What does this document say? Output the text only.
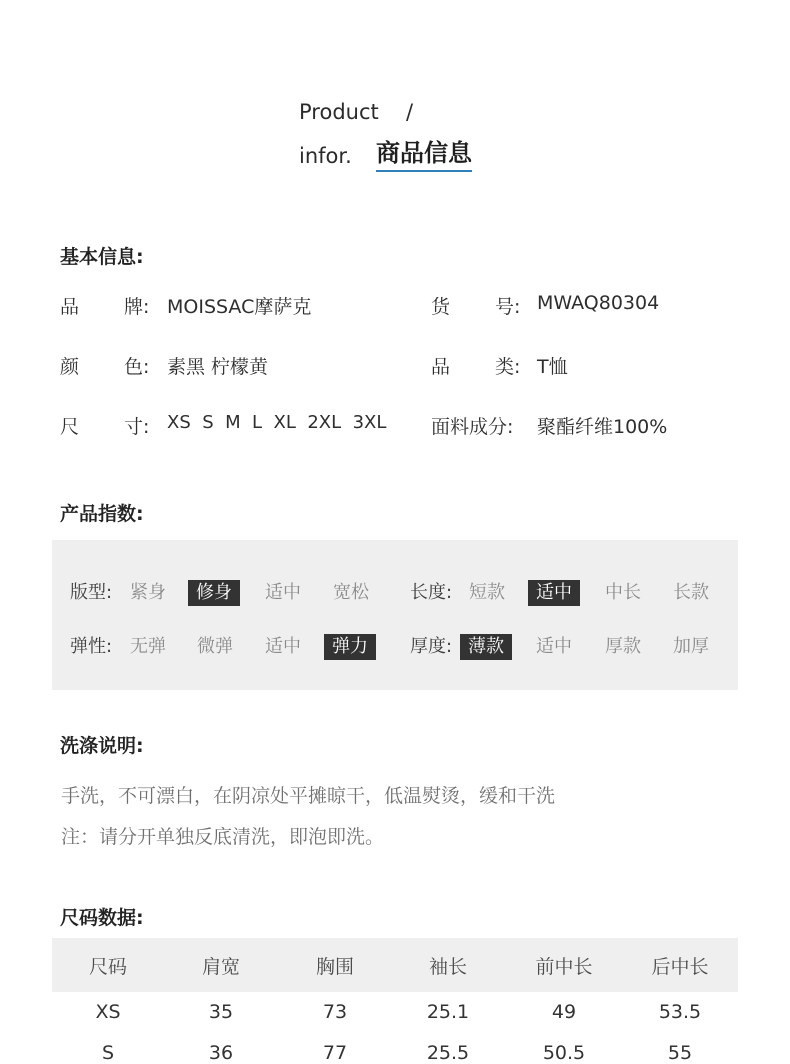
Product /
infor. 商品信息
基本信息:
品 牌: MOISSAC摩萨克	货 号: MWAQ80304
颜 色: 素黑 柠檬黄	品 类: T恤
尺 寸: XS  S  M  L  XL  2XL  3XL 面料成分: 聚酯纤维100%
产品指数:
版型: 紧身	修身	适中 宽松 长度: 短款	适中	中长 长款
弹性: 无弹 微弹 适中	弹力	厚度: 薄款	适中 厚款 加厚
洗涤说明:
手洗，不可漂白，在阴凉处平摊晾干，低温熨烫，缓和干洗
注：请分开单独反底清洗，即泡即洗。
尺码数据:
尺码	肩宽	胸围	袖长	前中长	后中长
XS	35	73	25.1	49	53.5
S	36	77	25.5	50.5	55
